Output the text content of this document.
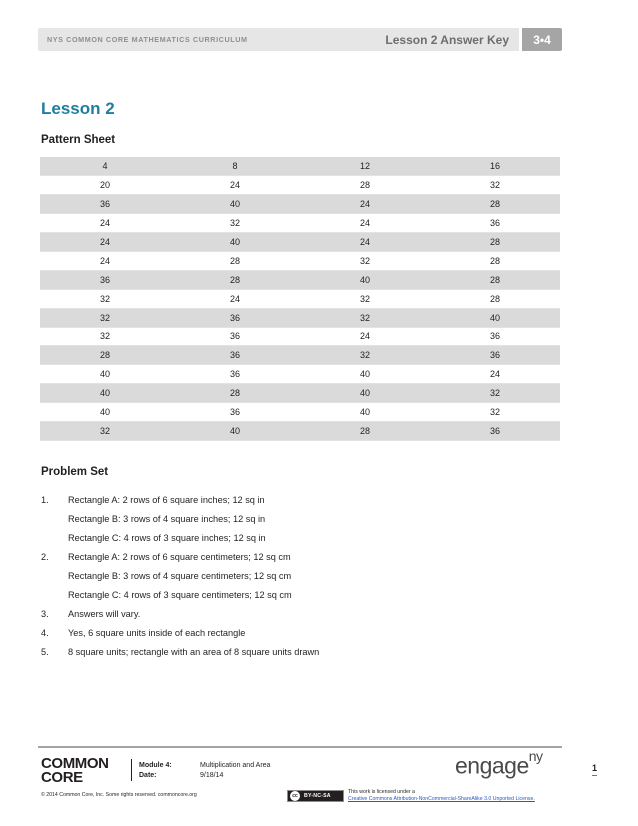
NYS COMMON CORE MATHEMATICS CURRICULUM	Lesson 2 Answer Key	3•4
Lesson 2
Pattern Sheet
4	8	12	16
20	24	28	32
36	40	24	28
24	32	24	36
24	40	24	28
24	28	32	28
36	28	40	28
32	24	32	28
32	36	32	40
32	36	24	36
28	36	32	36
40	36	40	24
40	28	40	32
40	36	40	32
32	40	28	36
Problem Set
1.	Rectangle A: 2 rows of 6 square inches; 12 sq in
Rectangle B: 3 rows of 4 square inches; 12 sq in
Rectangle C: 4 rows of 3 square inches; 12 sq in
2.	Rectangle A: 2 rows of 6 square centimeters; 12 sq cm
Rectangle B: 3 rows of 4 square centimeters; 12 sq cm
Rectangle C: 4 rows of 3 square centimeters; 12 sq cm
3.	Answers will vary.
4.	Yes, 6 square units inside of each rectangle
5.	8 square units; rectangle with an area of 8 square units drawn
COMMON
CORE
Module 4:
Date:
Multiplication and Area
9/18/14	engage$^{ny}$
1
© 2014 Common Core, Inc. Some rights reserved. commoncore.org	cc	BY-NC-SA
This work is licensed under a
Creative Commons Attribution-NonCommercial-ShareAlike 3.0 Unported License.
